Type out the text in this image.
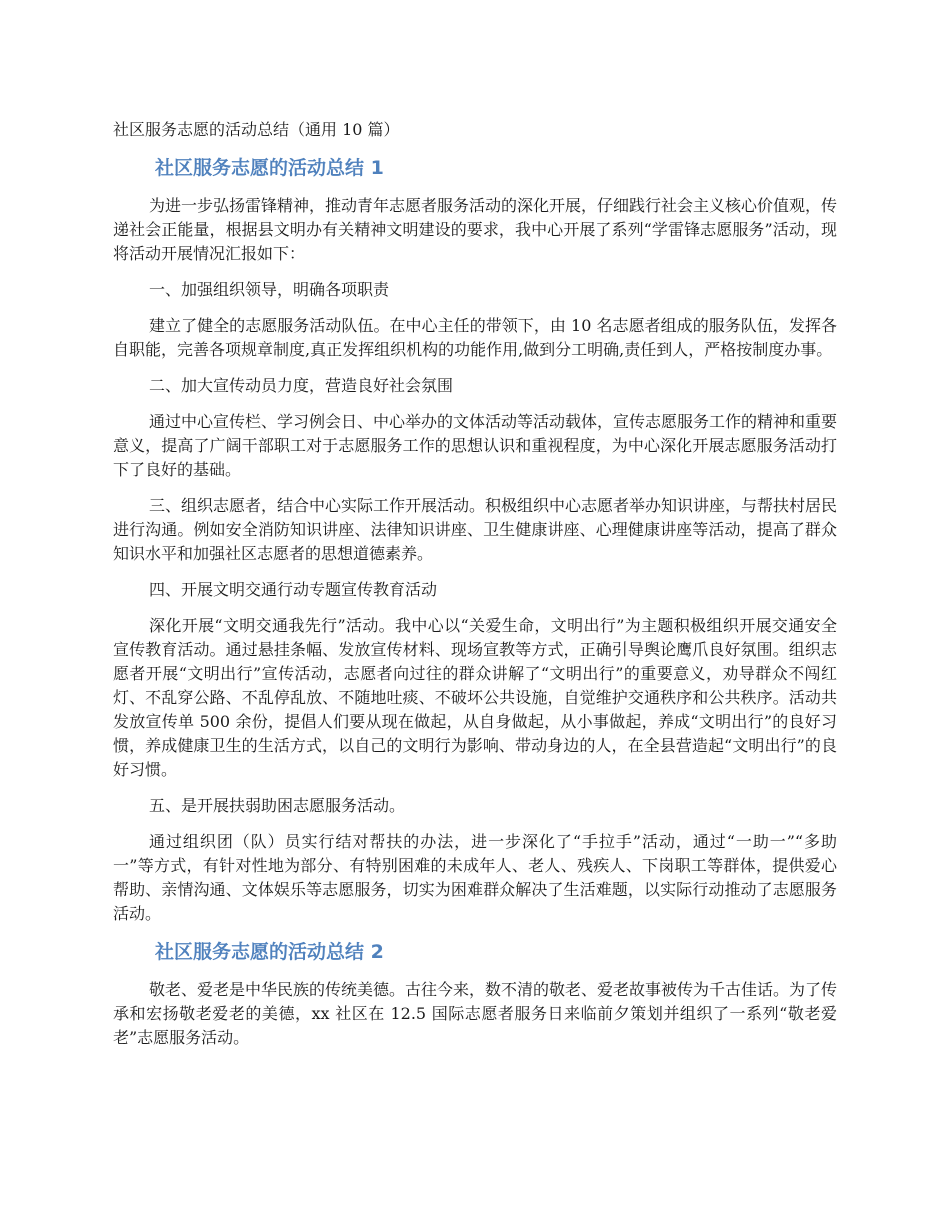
社区服务志愿的活动总结（通用 10 篇）

社区服务志愿的活动总结 1

为进一步弘扬雷锋精神，推动青年志愿者服务活动的深化开展，仔细践行社会主义核心价值观，传递社会正能量，根据县文明办有关精神文明建设的要求，我中心开展了系列“学雷锋志愿服务”活动，现将活动开展情况汇报如下：

一、加强组织领导，明确各项职责

建立了健全的志愿服务活动队伍。在中心主任的带领下，由 10 名志愿者组成的服务队伍，发挥各自职能，完善各项规章制度,真正发挥组织机构的功能作用,做到分工明确,责任到人，严格按制度办事。

二、加大宣传动员力度，营造良好社会氛围

通过中心宣传栏、学习例会日、中心举办的文体活动等活动载体，宣传志愿服务工作的精神和重要意义，提高了广阔干部职工对于志愿服务工作的思想认识和重视程度，为中心深化开展志愿服务活动打下了良好的基础。

三、组织志愿者，结合中心实际工作开展活动。积极组织中心志愿者举办知识讲座，与帮扶村居民进行沟通。例如安全消防知识讲座、法律知识讲座、卫生健康讲座、心理健康讲座等活动，提高了群众知识水平和加强社区志愿者的思想道德素养。

四、开展文明交通行动专题宣传教育活动

深化开展“文明交通我先行”活动。我中心以“关爱生命，文明出行”为主题积极组织开展交通安全宣传教育活动。通过悬挂条幅、发放宣传材料、现场宣教等方式，正确引导舆论鹰爪良好氛围。组织志愿者开展“文明出行”宣传活动，志愿者向过往的群众讲解了“文明出行”的重要意义，劝导群众不闯红灯、不乱穿公路、不乱停乱放、不随地吐痰、不破坏公共设施，自觉维护交通秩序和公共秩序。活动共发放宣传单 500 余份，提倡人们要从现在做起，从自身做起，从小事做起，养成“文明出行”的良好习惯，养成健康卫生的生活方式，以自己的文明行为影响、带动身边的人，在全县营造起“文明出行”的良好习惯。

五、是开展扶弱助困志愿服务活动。

通过组织团（队）员实行结对帮扶的办法，进一步深化了“手拉手”活动，通过“一助一”“多助一”等方式，有针对性地为部分、有特别困难的未成年人、老人、残疾人、下岗职工等群体，提供爱心帮助、亲情沟通、文体娱乐等志愿服务，切实为困难群众解决了生活难题，以实际行动推动了志愿服务活动。

社区服务志愿的活动总结 2

敬老、爱老是中华民族的传统美德。古往今来，数不清的敬老、爱老故事被传为千古佳话。为了传承和宏扬敬老爱老的美德，xx 社区在 12.5 国际志愿者服务日来临前夕策划并组织了一系列“敬老爱老”志愿服务活动。
